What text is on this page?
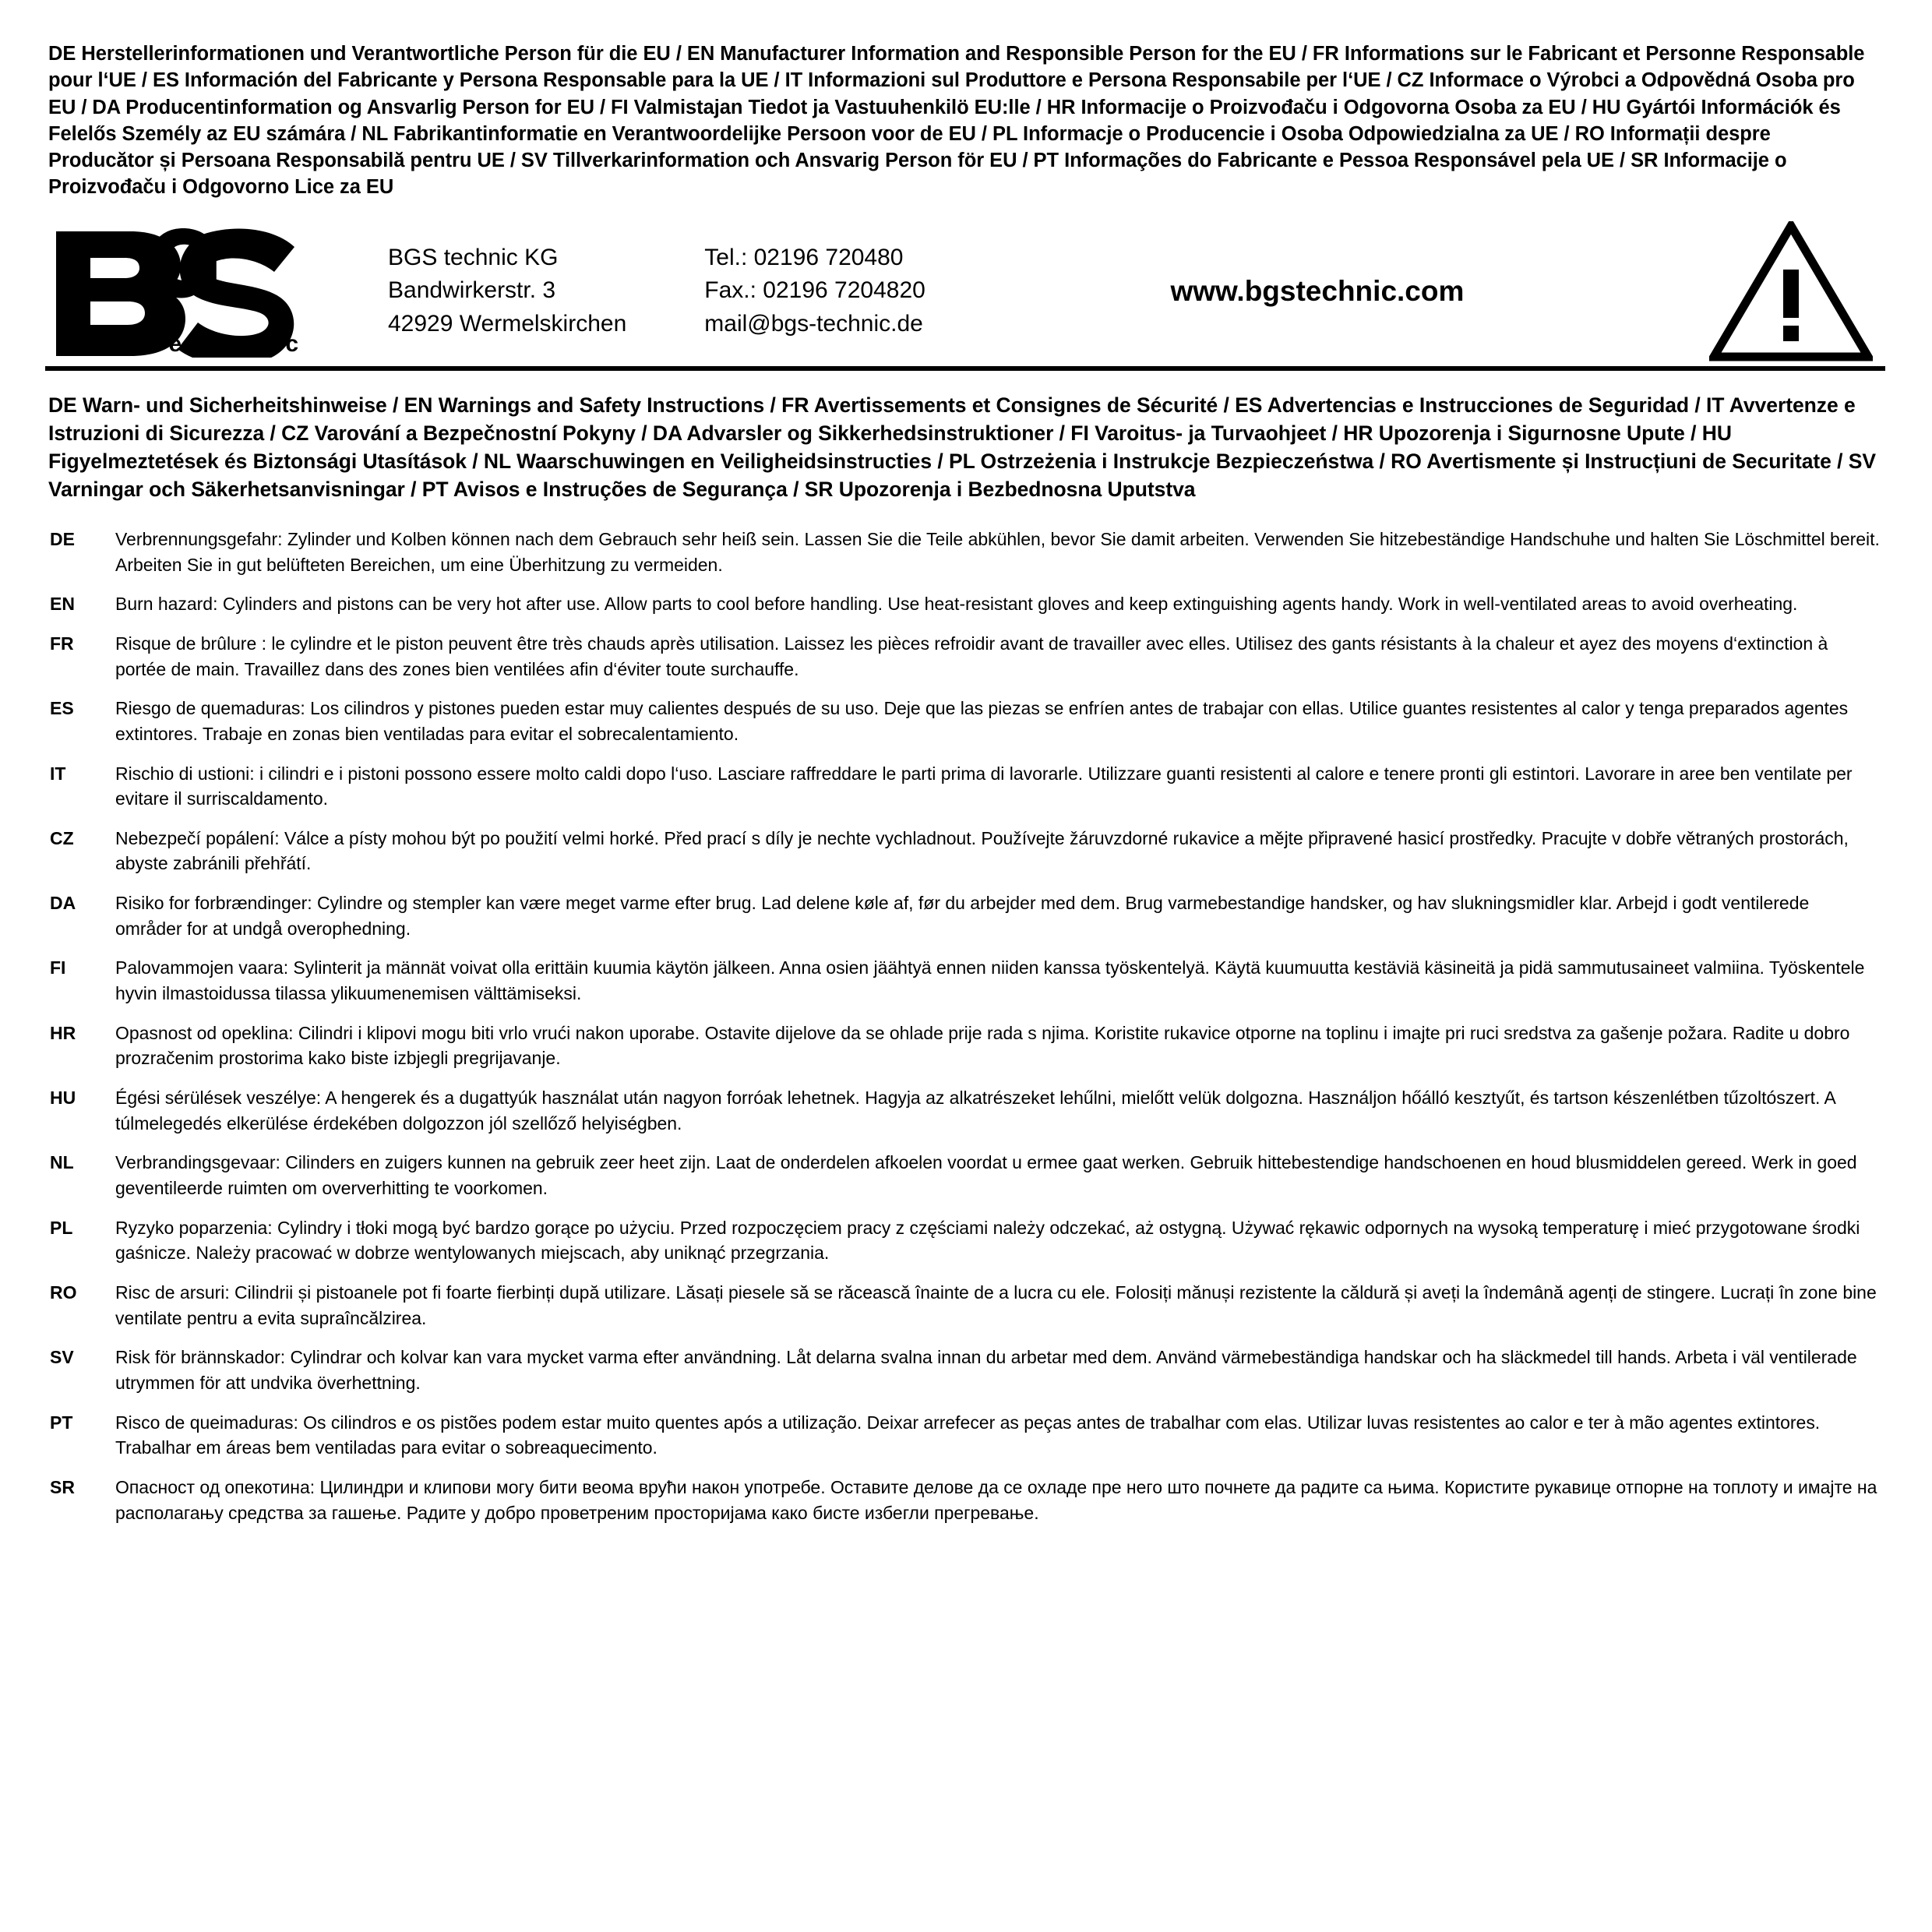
DE Herstellerinformationen und Verantwortliche Person für die EU / EN Manufacturer Information and Responsible Person for the EU / FR Informations sur le Fabricant et Personne Responsable pour l‘UE / ES Información del Fabricante y Persona Responsable para la UE / IT Informazioni sul Produttore e Persona Responsabile per l‘UE / CZ Informace o Výrobci a Odpovědná Osoba pro EU / DA Producentinformation og Ansvarlig Person for EU / FI Valmistajan Tiedot ja Vastuuhenkilö EU:lle / HR Informacije o Proizvođaču i Odgovorna Osoba za EU / HU Gyártói Információk és Felelős Személy az EU számára / NL Fabrikantinformatie en Verantwoordelijke Persoon voor de EU / PL Informacje o Producencie i Osoba Odpowiedzialna za UE / RO Informații despre Producător și Persoana Responsabilă pentru UE / SV Tillverkarinformation och Ansvarig Person för EU / PT Informações do Fabricante e Pessoa Responsável pela UE / SR Informacije o Proizvođaču i Odgovorno Lice za EU
®
t e c h n i c
BGS technic KG
Bandwirkerstr. 3
42929 Wermelskirchen
Tel.: 02196 720480
Fax.: 02196 7204820
mail@bgs-technic.de
www.bgstechnic.com
DE Warn- und Sicherheitshinweise / EN Warnings and Safety Instructions / FR Avertissements et Consignes de Sécurité / ES Advertencias e Instrucciones de Seguridad / IT Avvertenze e Istruzioni di Sicurezza / CZ Varování a Bezpečnostní Pokyny / DA Advarsler og Sikkerhedsinstruktioner / FI Varoitus- ja Turvaohjeet / HR Upozorenja i Sigurnosne Upute / HU Figyelmeztetések és Biztonsági Utasítások / NL Waarschuwingen en Veiligheidsinstructies / PL Ostrzeżenia i Instrukcje Bezpieczeństwa / RO Avertismente și Instrucțiuni de Securitate / SV Varningar och Säkerhetsanvisningar / PT Avisos e Instruções de Segurança / SR Upozorenja i Bezbednosna Uputstva
DE	Verbrennungsgefahr: Zylinder und Kolben können nach dem Gebrauch sehr heiß sein. Lassen Sie die Teile abkühlen, bevor Sie damit arbeiten. Verwenden Sie hitzebeständige Handschuhe und halten Sie Löschmittel bereit. Arbeiten Sie in gut belüfteten Bereichen, um eine Überhitzung zu vermeiden.
EN	Burn hazard: Cylinders and pistons can be very hot after use. Allow parts to cool before handling. Use heat-resistant gloves and keep extinguishing agents handy. Work in well-ventilated areas to avoid overheating.
FR	Risque de brûlure : le cylindre et le piston peuvent être très chauds après utilisation. Laissez les pièces refroidir avant de travailler avec elles. Utilisez des gants résistants à la chaleur et ayez des moyens d‘extinction à portée de main. Travaillez dans des zones bien ventilées afin d‘éviter toute surchauffe.
ES	Riesgo de quemaduras: Los cilindros y pistones pueden estar muy calientes después de su uso. Deje que las piezas se enfríen antes de trabajar con ellas. Utilice guantes resistentes al calor y tenga preparados agentes extintores. Trabaje en zonas bien ventiladas para evitar el sobrecalentamiento.
IT	Rischio di ustioni: i cilindri e i pistoni possono essere molto caldi dopo l‘uso. Lasciare raffreddare le parti prima di lavorarle. Utilizzare guanti resistenti al calore e tenere pronti gli estintori. Lavorare in aree ben ventilate per evitare il surriscaldamento.
CZ	Nebezpečí popálení: Válce a písty mohou být po použití velmi horké. Před prací s díly je nechte vychladnout. Používejte žáruvzdorné rukavice a mějte připravené hasicí prostředky. Pracujte v dobře větraných prostorách, abyste zabránili přehřátí.
DA	Risiko for forbrændinger: Cylindre og stempler kan være meget varme efter brug. Lad delene køle af, før du arbejder med dem. Brug varmebestandige handsker, og hav slukningsmidler klar. Arbejd i godt ventilerede områder for at undgå overophedning.
FI	Palovammojen vaara: Sylinterit ja männät voivat olla erittäin kuumia käytön jälkeen. Anna osien jäähtyä ennen niiden kanssa työskentelyä. Käytä kuumuutta kestäviä käsineitä ja pidä sammutusaineet valmiina. Työskentele hyvin ilmastoidussa tilassa ylikuumenemisen välttämiseksi.
HR	Opasnost od opeklina: Cilindri i klipovi mogu biti vrlo vrući nakon uporabe. Ostavite dijelove da se ohlade prije rada s njima. Koristite rukavice otporne na toplinu i imajte pri ruci sredstva za gašenje požara. Radite u dobro prozračenim prostorima kako biste izbjegli pregrijavanje.
HU	Égési sérülések veszélye: A hengerek és a dugattyúk használat után nagyon forróak lehetnek. Hagyja az alkatrészeket lehűlni, mielőtt velük dolgozna. Használjon hőálló kesztyűt, és tartson készenlétben tűzoltószert. A túlmelegedés elkerülése érdekében dolgozzon jól szellőző helyiségben.
NL	Verbrandingsgevaar: Cilinders en zuigers kunnen na gebruik zeer heet zijn. Laat de onderdelen afkoelen voordat u ermee gaat werken. Gebruik hittebestendige handschoenen en houd blusmiddelen gereed. Werk in goed geventileerde ruimten om oververhitting te voorkomen.
PL	Ryzyko poparzenia: Cylindry i tłoki mogą być bardzo gorące po użyciu. Przed rozpoczęciem pracy z częściami należy odczekać, aż ostygną. Używać rękawic odpornych na wysoką temperaturę i mieć przygotowane środki gaśnicze. Należy pracować w dobrze wentylowanych miejscach, aby uniknąć przegrzania.
RO	Risc de arsuri: Cilindrii și pistoanele pot fi foarte fierbinți după utilizare. Lăsați piesele să se răcească înainte de a lucra cu ele. Folosiți mănuși rezistente la căldură și aveți la îndemână agenți de stingere. Lucrați în zone bine ventilate pentru a evita supraîncălzirea.
SV	Risk för brännskador: Cylindrar och kolvar kan vara mycket varma efter användning. Låt delarna svalna innan du arbetar med dem. Använd värmebeständiga handskar och ha släckmedel till hands. Arbeta i väl ventilerade utrymmen för att undvika överhettning.
PT	Risco de queimaduras: Os cilindros e os pistões podem estar muito quentes após a utilização. Deixar arrefecer as peças antes de trabalhar com elas. Utilizar luvas resistentes ao calor e ter à mão agentes extintores. Trabalhar em áreas bem ventiladas para evitar o sobreaquecimento.
SR	Опасност од опекотина: Цилиндри и клипови могу бити веома врући након употребе. Оставите делове да се охладе пре него што почнете да радите са њима. Користите рукавице отпорне на топлоту и имајте на располагању средства за гашење. Радите у добро проветреним просторијама како бисте избегли прегревање.
